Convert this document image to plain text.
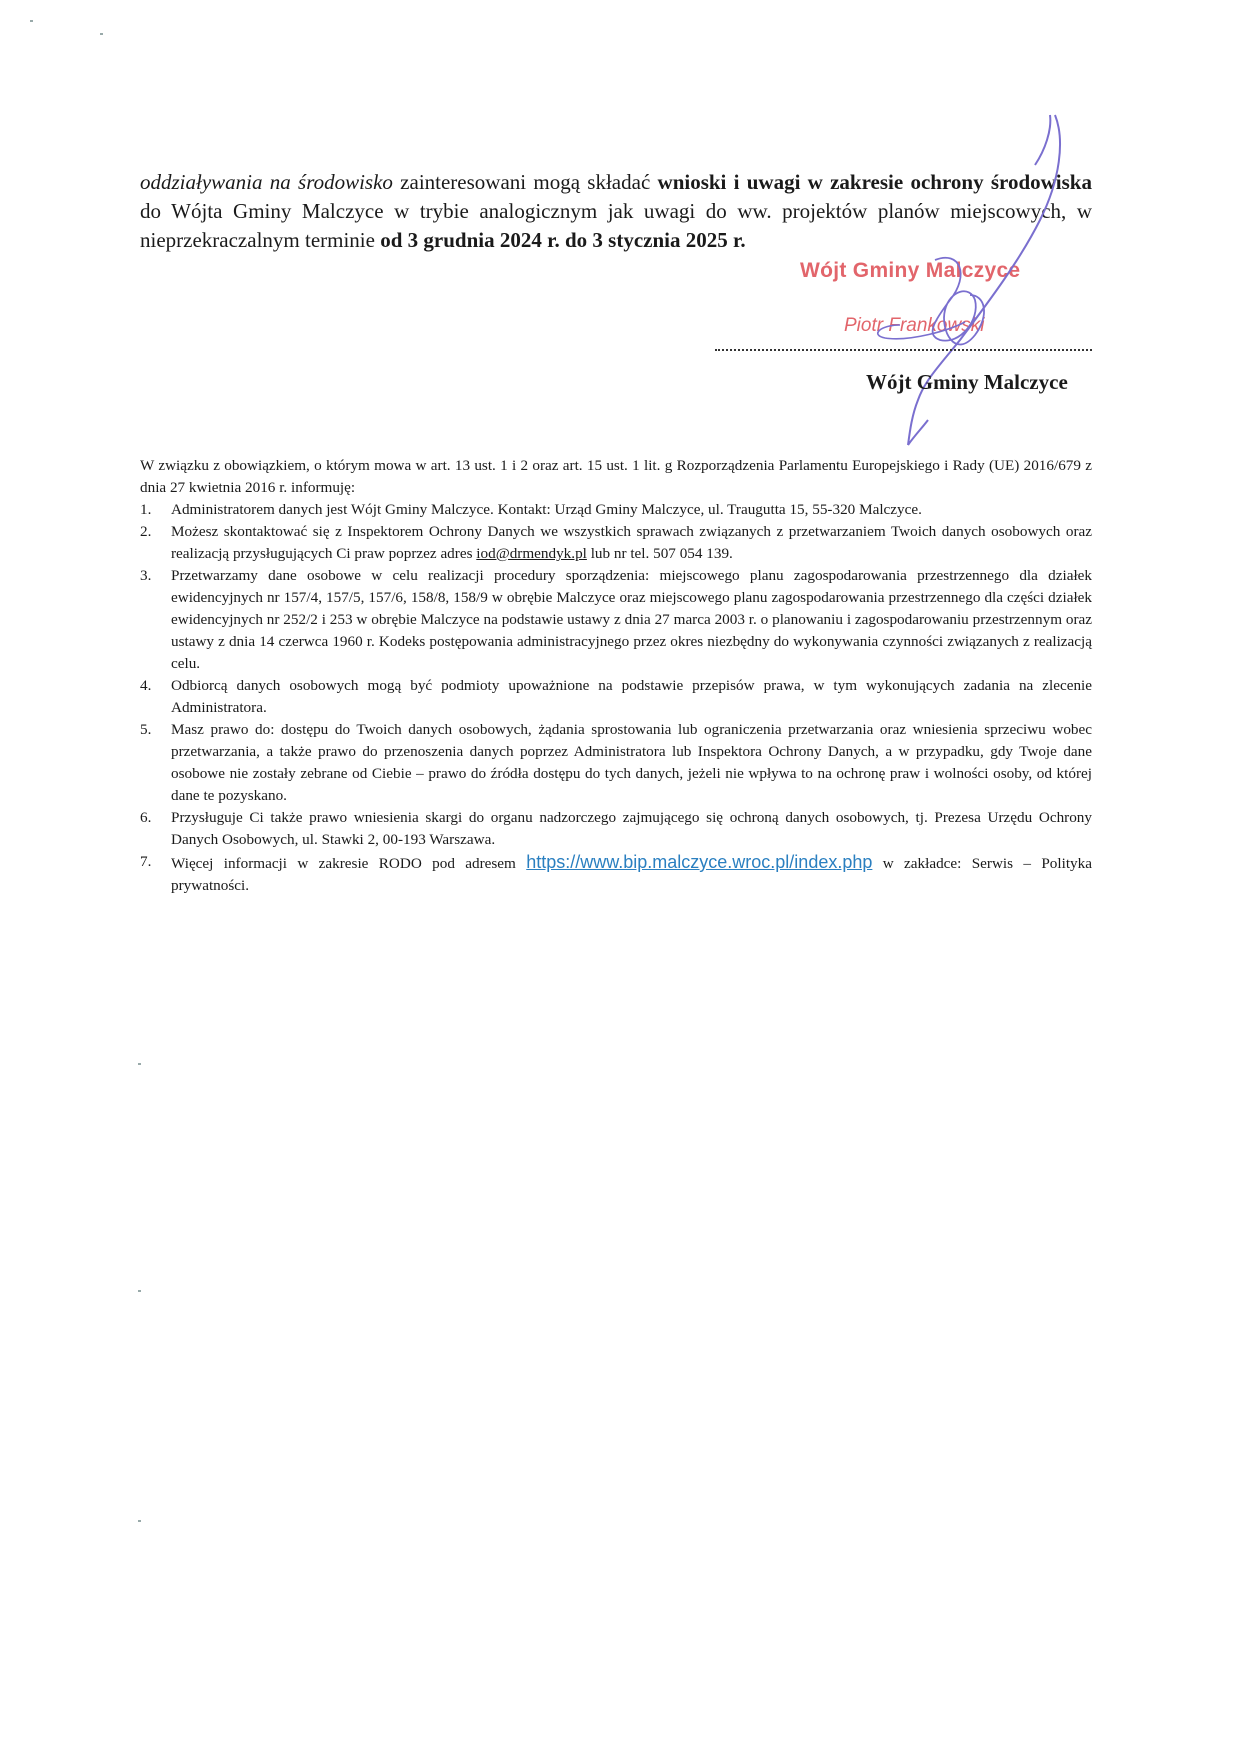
oddziaływania na środowisko zainteresowani mogą składać wnioski i uwagi w zakresie ochrony środowiska do Wójta Gminy Malczyce w trybie analogicznym jak uwagi do ww. projektów planów miejscowych, w nieprzekraczalnym terminie od 3 grudnia 2024 r. do 3 stycznia 2025 r.

Wójt Gminy Malczyce
Piotr Frankowski
Wójt Gminy Malczyce

W związku z obowiązkiem, o którym mowa w art. 13 ust. 1 i 2 oraz art. 15 ust. 1 lit. g Rozporządzenia Parlamentu Europejskiego i Rady (UE) 2016/679 z dnia 27 kwietnia 2016 r. informuję:

1. Administratorem danych jest Wójt Gminy Malczyce. Kontakt: Urząd Gminy Malczyce, ul. Traugutta 15, 55-320 Malczyce.
2. Możesz skontaktować się z Inspektorem Ochrony Danych we wszystkich sprawach związanych z przetwarzaniem Twoich danych osobowych oraz realizacją przysługujących Ci praw poprzez adres iod@drmendyk.pl lub nr tel. 507 054 139.
3. Przetwarzamy dane osobowe w celu realizacji procedury sporządzenia: miejscowego planu zagospodarowania przestrzennego dla działek ewidencyjnych nr 157/4, 157/5, 157/6, 158/8, 158/9 w obrębie Malczyce oraz miejscowego planu zagospodarowania przestrzennego dla części działek ewidencyjnych nr 252/2 i 253 w obrębie Malczyce na podstawie ustawy z dnia 27 marca 2003 r. o planowaniu i zagospodarowaniu przestrzennym oraz ustawy z dnia 14 czerwca 1960 r. Kodeks postępowania administracyjnego przez okres niezbędny do wykonywania czynności związanych z realizacją celu.
4. Odbiorcą danych osobowych mogą być podmioty upoważnione na podstawie przepisów prawa, w tym wykonujących zadania na zlecenie Administratora.
5. Masz prawo do: dostępu do Twoich danych osobowych, żądania sprostowania lub ograniczenia przetwarzania oraz wniesienia sprzeciwu wobec przetwarzania, a także prawo do przenoszenia danych poprzez Administratora lub Inspektora Ochrony Danych, a w przypadku, gdy Twoje dane osobowe nie zostały zebrane od Ciebie – prawo do źródła dostępu do tych danych, jeżeli nie wpływa to na ochronę praw i wolności osoby, od której dane te pozyskano.
6. Przysługuje Ci także prawo wniesienia skargi do organu nadzorczego zajmującego się ochroną danych osobowych, tj. Prezesa Urzędu Ochrony Danych Osobowych, ul. Stawki 2, 00-193 Warszawa.
7. Więcej informacji w zakresie RODO pod adresem https://www.bip.malczyce.wroc.pl/index.php w zakładce: Serwis – Polityka prywatności.
